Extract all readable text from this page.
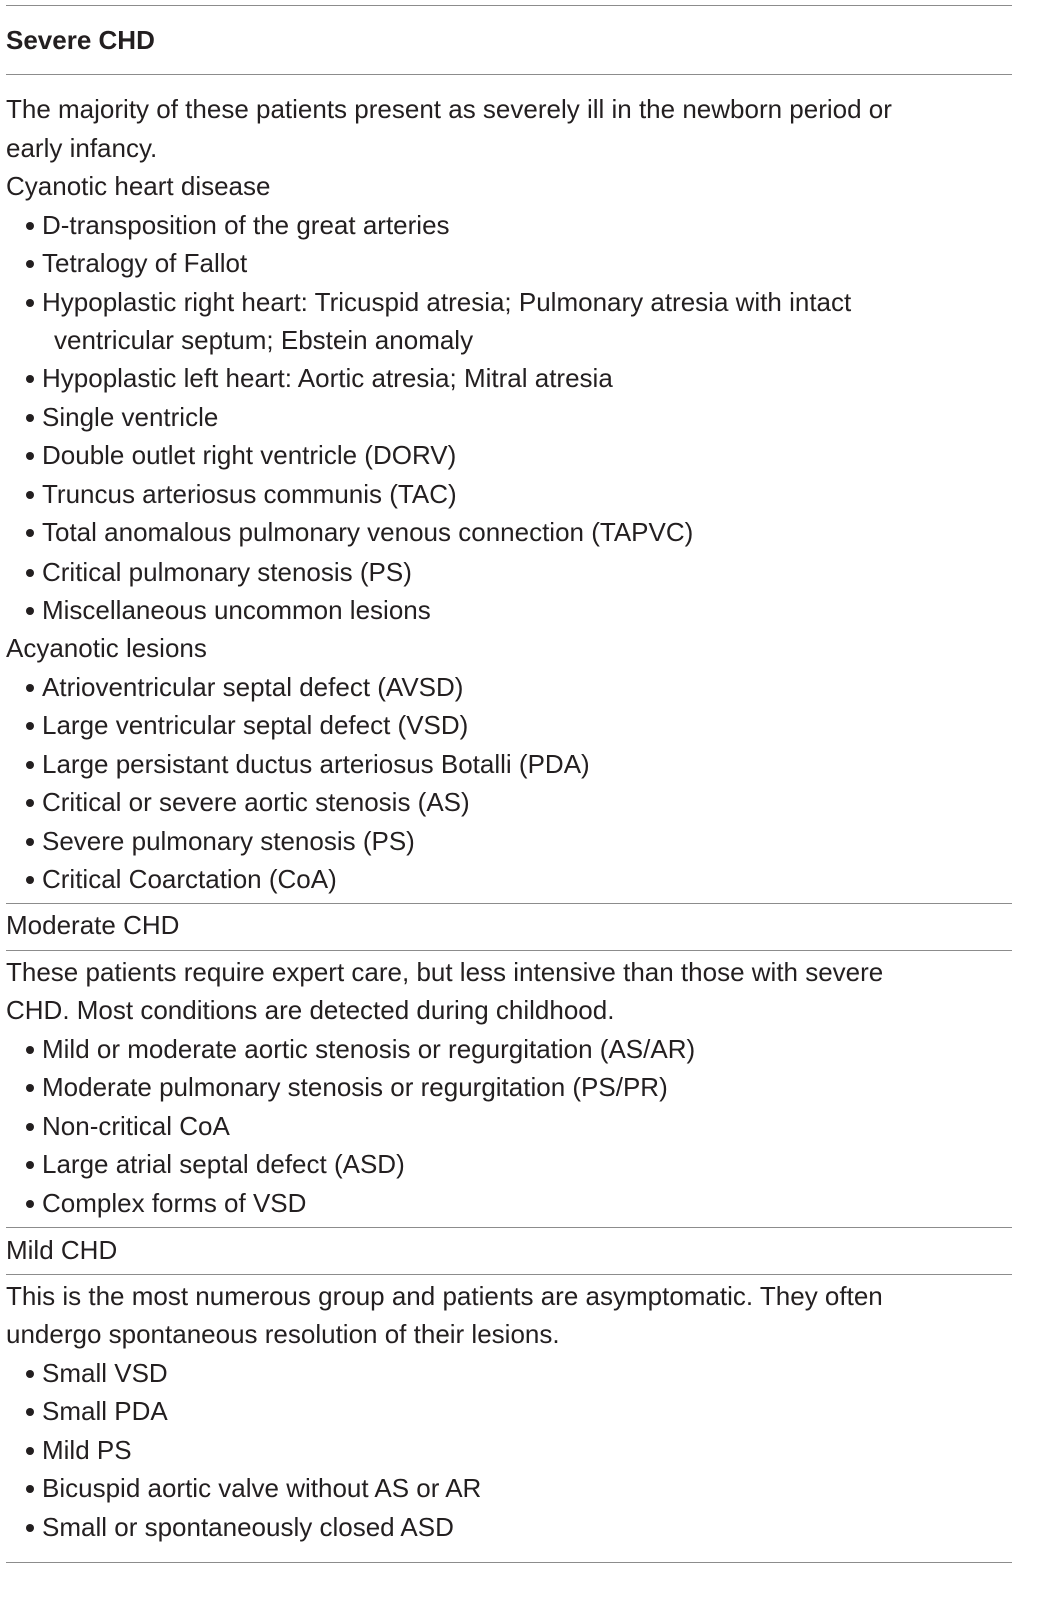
Severe CHD
The majority of these patients present as severely ill in the newborn period or
early infancy.
Cyanotic heart disease
D-transposition of the great arteries
Tetralogy of Fallot
Hypoplastic right heart: Tricuspid atresia; Pulmonary atresia with intact
ventricular septum; Ebstein anomaly
Hypoplastic left heart: Aortic atresia; Mitral atresia
Single ventricle
Double outlet right ventricle (DORV)
Truncus arteriosus communis (TAC)
Total anomalous pulmonary venous connection (TAPVC)
Critical pulmonary stenosis (PS)
Miscellaneous uncommon lesions
Acyanotic lesions
Atrioventricular septal defect (AVSD)
Large ventricular septal defect (VSD)
Large persistant ductus arteriosus Botalli (PDA)
Critical or severe aortic stenosis (AS)
Severe pulmonary stenosis (PS)
Critical Coarctation (CoA)
Moderate CHD
These patients require expert care, but less intensive than those with severe
CHD. Most conditions are detected during childhood.
Mild or moderate aortic stenosis or regurgitation (AS/AR)
Moderate pulmonary stenosis or regurgitation (PS/PR)
Non-critical CoA
Large atrial septal defect (ASD)
Complex forms of VSD
Mild CHD
This is the most numerous group and patients are asymptomatic. They often
undergo spontaneous resolution of their lesions.
Small VSD
Small PDA
Mild PS
Bicuspid aortic valve without AS or AR
Small or spontaneously closed ASD
